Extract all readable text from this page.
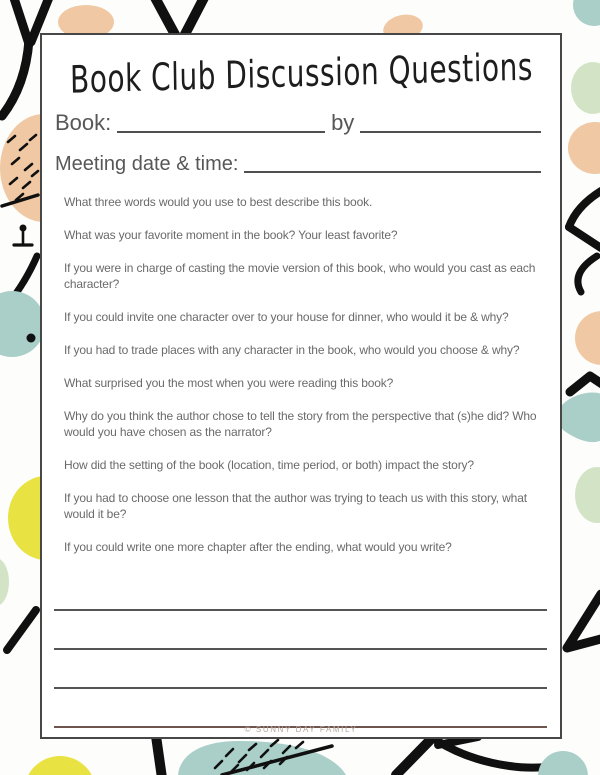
Book Club Discussion Questions
Book:	by
Meeting date & time:
What three words would you use to best describe this book.
What was your favorite moment in the book? Your least favorite?
If you were in charge of casting the movie version of this book, who would you cast as each character?
If you could invite one character over to your house for dinner, who would it be & why?
If you had to trade places with any character in the book, who would you choose & why?
What surprised you the most when you were reading this book?
Why do you think the author chose to tell the story from the perspective that (s)he did? Who would you have chosen as the narrator?
How did the setting of the book (location, time period, or both) impact the story?
If you had to choose one lesson that the author was trying to teach us with this story, what would it be?
If you could write one more chapter after the ending, what would you write?
© SUNNY DAY FAMILY
